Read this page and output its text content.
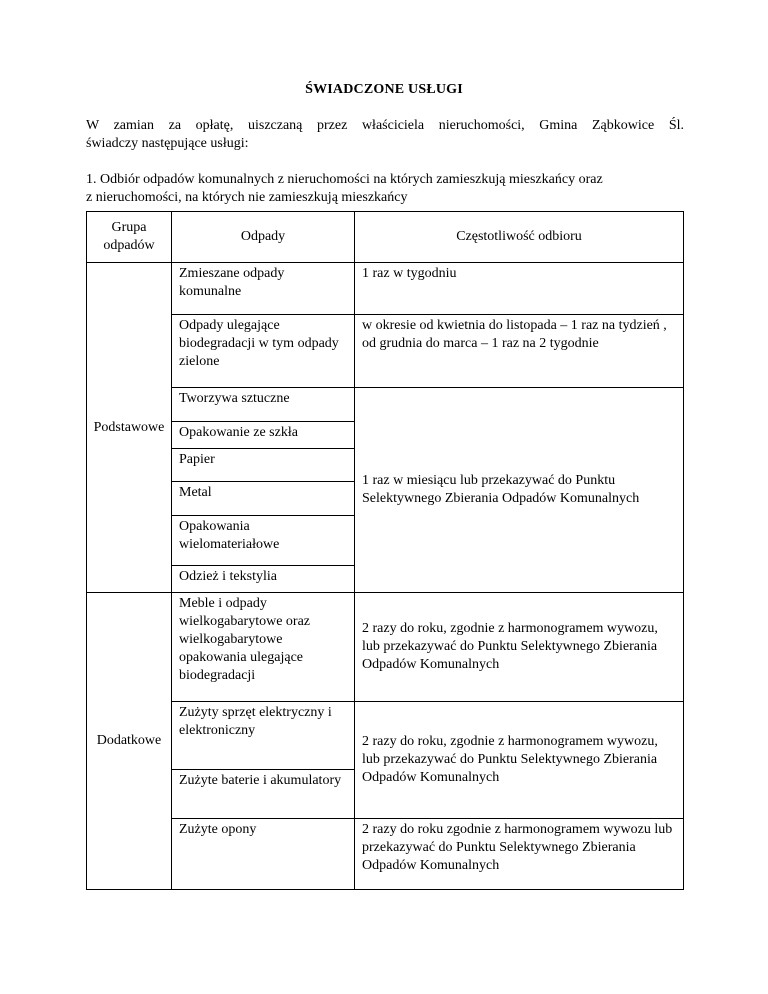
ŚWIADCZONE USŁUGI
W zamian za opłatę, uiszczaną przez właściciela nieruchomości, Gmina Ząbkowice Śl.
świadczy następujące usługi:
1. Odbiór odpadów komunalnych z nieruchomości na których zamieszkują mieszkańcy oraz
z nieruchomości, na których nie zamieszkują mieszkańcy
Grupa odpadów	Odpady	Częstotliwość odbioru
Podstawowe	Zmieszane odpady komunalne	1 raz w tygodniu
	Odpady ulegające biodegradacji w tym odpady zielone	w okresie od kwietnia do listopada – 1 raz na tydzień , od grudnia do marca – 1 raz na 2 tygodnie
	Tworzywa sztuczne	1 raz w miesiącu lub przekazywać do Punktu Selektywnego Zbierania Odpadów Komunalnych
	Opakowanie ze szkła	
	Papier	
	Metal	
	Opakowania wielomateriałowe	
	Odzież i tekstylia	
Dodatkowe	Meble i odpady wielkogabarytowe oraz wielkogabarytowe opakowania ulegające biodegradacji	2 razy do roku, zgodnie z harmonogramem wywozu, lub przekazywać do Punktu Selektywnego Zbierania Odpadów Komunalnych
	Zużyty sprzęt elektryczny i elektroniczny	2 razy do roku, zgodnie z harmonogramem wywozu, lub przekazywać do Punktu Selektywnego Zbierania Odpadów Komunalnych
	Zużyte baterie i akumulatory	
	Zużyte opony	2 razy do roku zgodnie z harmonogramem wywozu lub przekazywać do Punktu Selektywnego Zbierania Odpadów Komunalnych
